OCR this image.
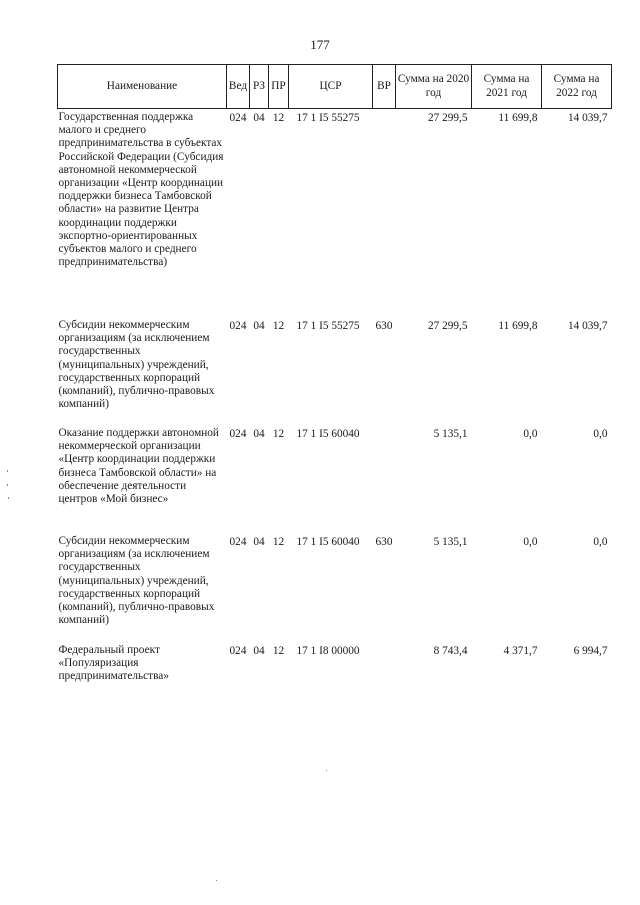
177
Наименование	Вед	РЗ	ПР	ЦСР	ВР	Сумма на 2020 год	Сумма на 2021 год	Сумма на 2022 год
Государственная поддержка малого и среднего предпринимательства в субъектах Российской Федерации (Субсидия автономной некоммерческой организации «Центр координации поддержки бизнеса Тамбовской области» на развитие Центра координации поддержки экспортно-ориентированных субъектов малого и среднего предпринимательства)	024	04	12	17 1 I5 55275		27 299,5	11 699,8	14 039,7
Субсидии некоммерческим организациям (за исключением государственных (муниципальных) учреждений, государственных корпораций (компаний), публично-правовых компаний)	024	04	12	17 1 I5 55275	630	27 299,5	11 699,8	14 039,7
Оказание поддержки автономной некоммерческой организации «Центр координации поддержки бизнеса Тамбовской области» на обеспечение деятельности центров «Мой бизнес»	024	04	12	17 1 I5 60040		5 135,1	0,0	0,0
Субсидии некоммерческим организациям (за исключением государственных (муниципальных) учреждений, государственных корпораций (компаний), публично-правовых компаний)	024	04	12	17 1 I5 60040	630	5 135,1	0,0	0,0
Федеральный проект «Популяризация предпринимательства»	024	04	12	17 1 I8 00000		8 743,4	4 371,7	6 994,7
